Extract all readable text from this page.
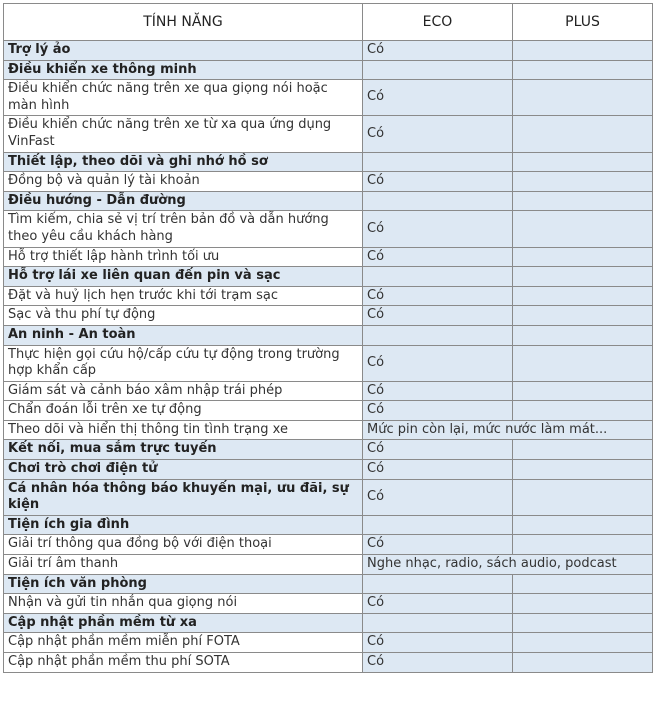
TÍNH NĂNG	ECO	PLUS
Trợ lý ảo	Có	
Điều khiển xe thông minh		
Điều khiển chức năng trên xe qua giọng nói hoặc màn hình	Có	
Điều khiển chức năng trên xe từ xa qua ứng dụng VinFast	Có	
Thiết lập, theo dõi và ghi nhớ hồ sơ		
Đồng bộ và quản lý tài khoản	Có	
Điều hướng - Dẫn đường		
Tìm kiếm, chia sẻ vị trí trên bản đồ và dẫn hướng theo yêu cầu khách hàng	Có	
Hỗ trợ thiết lập hành trình tối ưu	Có	
Hỗ trợ lái xe liên quan đến pin và sạc		
Đặt và huỷ lịch hẹn trước khi tới trạm sạc	Có	
Sạc và thu phí tự động	Có	
An ninh - An toàn		
Thực hiện gọi cứu hộ/cấp cứu tự động trong trường hợp khẩn cấp	Có	
Giám sát và cảnh báo xâm nhập trái phép	Có	
Chẩn đoán lỗi trên xe tự động	Có	
Theo dõi và hiển thị thông tin tình trạng xe	Mức pin còn lại, mức nước làm mát...	
Kết nối, mua sắm trực tuyến	Có	
Chơi trò chơi điện tử	Có	
Cá nhân hóa thông báo khuyến mại, ưu đãi, sự kiện	Có	
Tiện ích gia đình		
Giải trí thông qua đồng bộ với điện thoại	Có	
Giải trí âm thanh	Nghe nhạc, radio, sách audio, podcast	
Tiện ích văn phòng		
Nhận và gửi tin nhắn qua giọng nói	Có	
Cập nhật phần mềm từ xa		
Cập nhật phần mềm miễn phí FOTA	Có	
Cập nhật phần mềm thu phí SOTA	Có	
